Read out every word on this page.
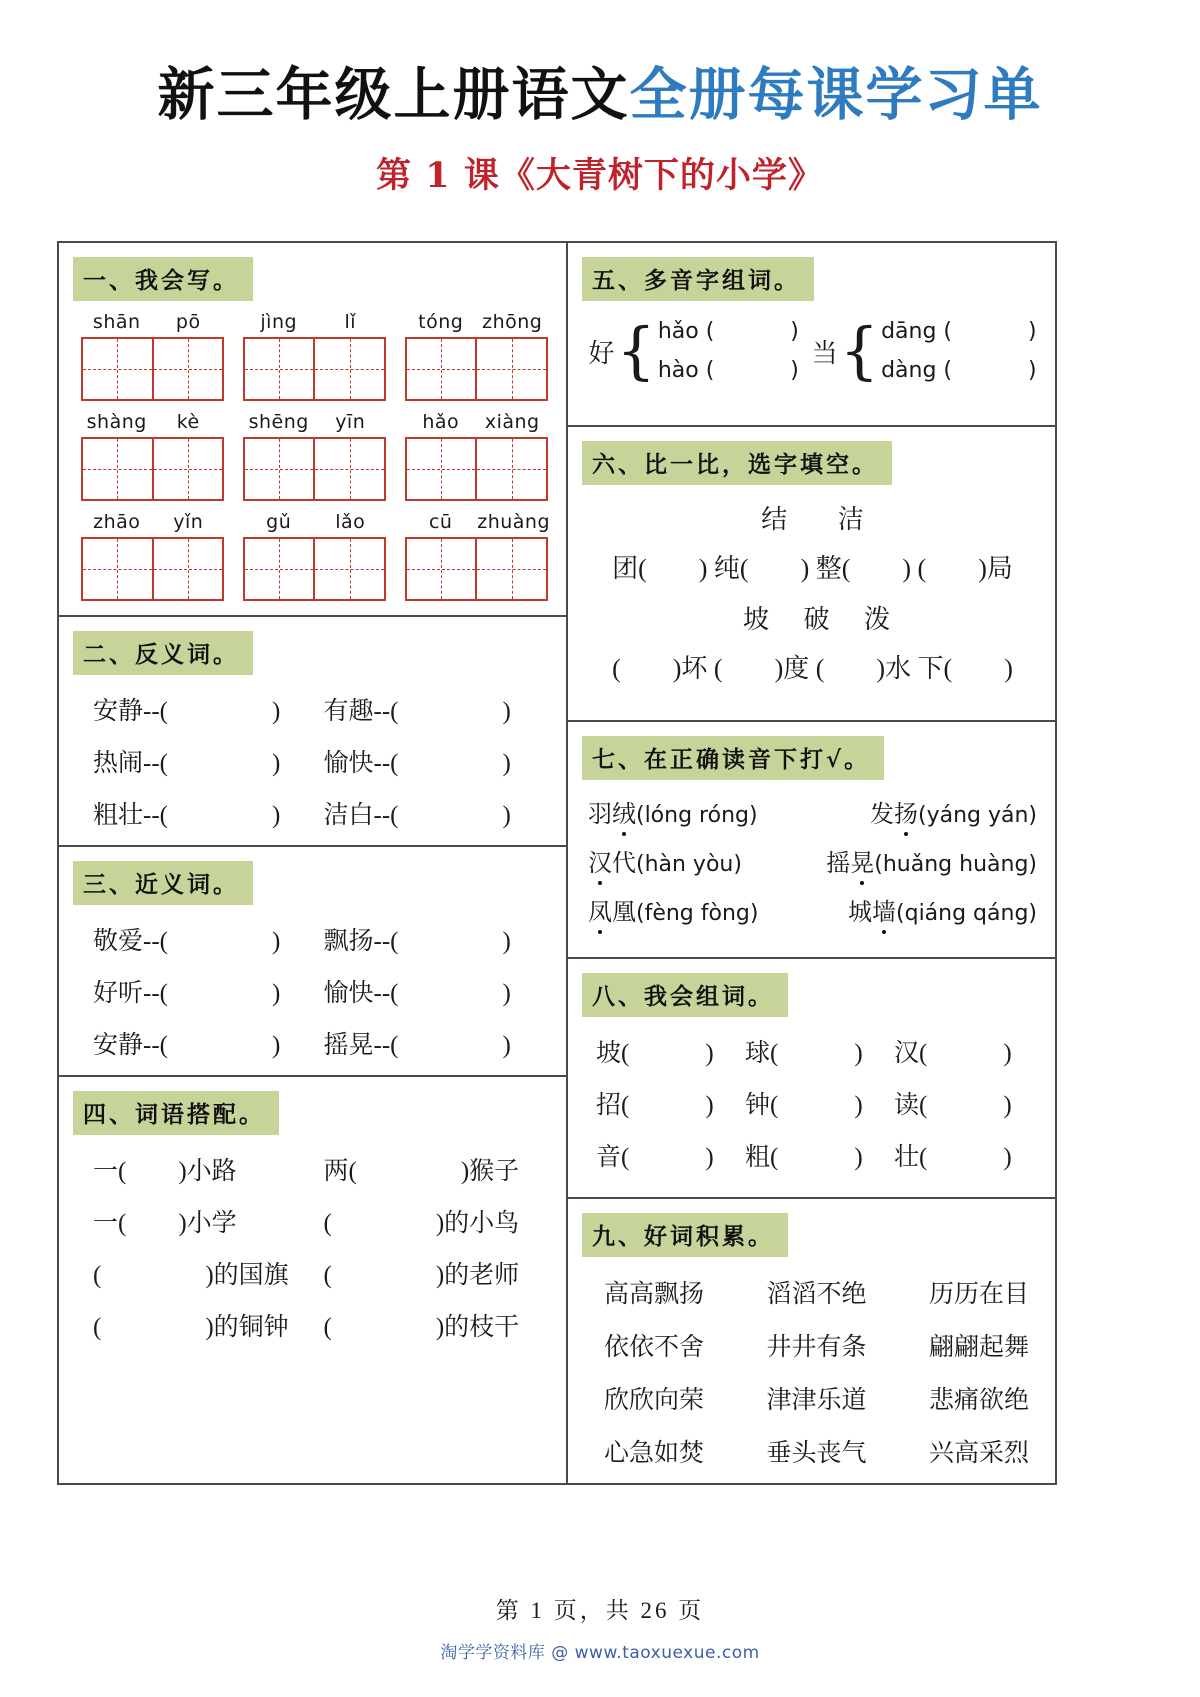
新三年级上册语文全册每课学习单
第 1 课《大青树下的小学》
一、我会写。
shān	pō	jìng	lǐ	tóng zhōng
shàng	kè	shēng	yīn	hǎo	xiàng
zhāo	yǐn	gǔ	lǎo	cū	zhuàng
二、反义词。
安静--(	)	有趣--(	)
热闹--(	)	愉快--(	)
粗壮--(	)	洁白--(	)
三、近义词。
敬爱--(	)	飘扬--(	)
好听--(	)	愉快--(	)
安静--(	)	摇晃--(	)
四、词语搭配。
一( )小路	两(	)猴子
一( )小学	(	)的小鸟
(	)的国旗	(	)的老师
(	)的铜钟	(	)的枝干
五、多音字组词。
好 { hǎo (	)
hào (	)
当 { dāng (	)
dàng (	)
六、比一比，选字填空。
结 洁
团(　　) 纯(　　) 整(　　) (　　)局
坡 破 泼
(　　)坏 (　　)度 (　　)水 下(　　)
七、在正确读音下打√。
羽绒(lóng róng)	发扬(yáng yán)
汉代(hàn yòu)	摇晃(huǎng huàng)
凤凰(fèng fòng)	城墙(qiáng qáng)
八、我会组词。
坡(	)	球(	)	汉(	)
招(	)	钟(	)	读(	)
音(	)	粗(	)	壮(	)
九、好词积累。
高高飘扬 滔滔不绝 历历在目
依依不舍 井井有条 翩翩起舞
欣欣向荣 津津乐道 悲痛欲绝
心急如焚 垂头丧气 兴高采烈
第 1 页，共 26 页
淘学学资料库 @ www.taoxuexue.com
